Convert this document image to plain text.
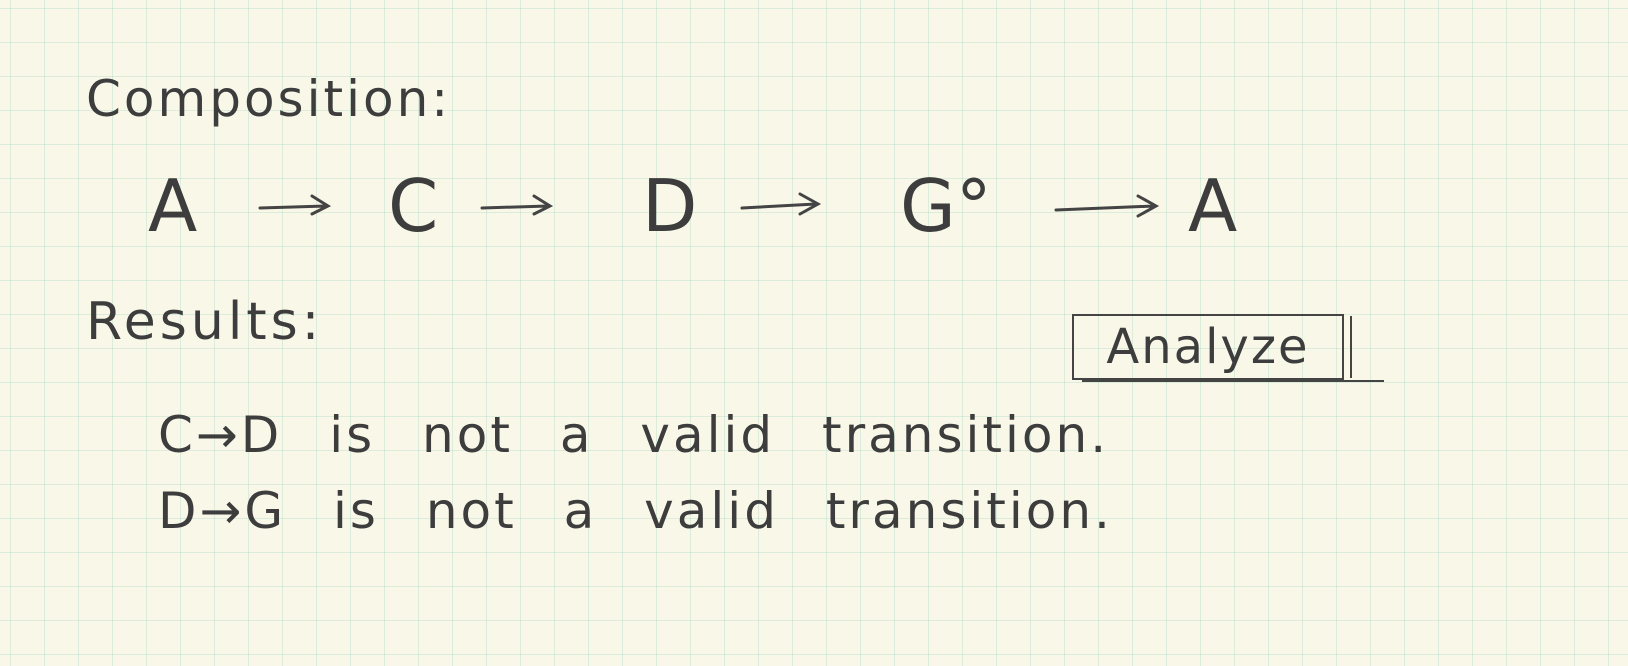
Composition:
A	C	D	G°	A
Results:	Analyze
C→D is not a valid transition.
D→G is not a valid transition.
